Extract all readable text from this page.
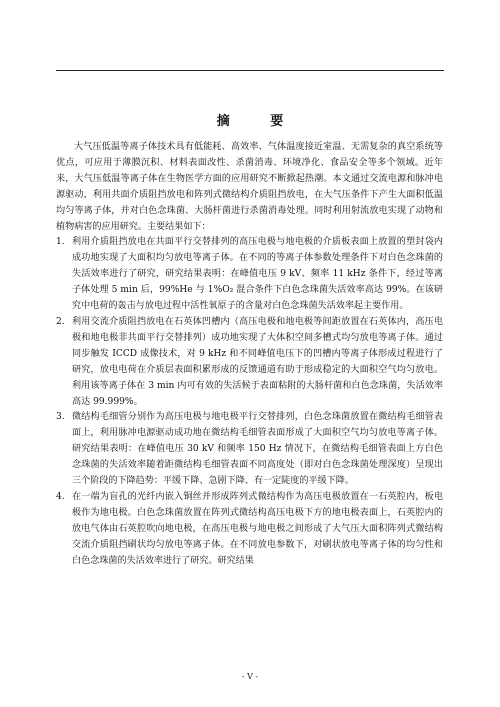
摘 要

大气压低温等离子体技术具有低能耗、高效率、气体温度接近室温、无需复杂的真空系统等优点，可应用于薄膜沉积、材料表面改性、杀菌消毒、环境净化、食品安全等多个领域。近年来，大气压低温等离子体在生物医学方面的应用研究不断掀起热潮。本文通过交流电源和脉冲电源驱动，利用共面介质阻挡放电和阵列式微结构介质阻挡放电，在大气压条件下产生大面积低温均匀等离子体，并对白色念珠菌、大肠杆菌进行杀菌消毒处理。同时利用射流放电实现了动物和植物病害的应用研究。主要结果如下：

1. 利用介质阻挡放电在共面平行交替排列的高压电极与地电极的介质板表面上放置的塑封袋内成功地实现了大面积均匀放电等离子体。在不同的等离子体参数处理条件下对白色念珠菌的失活效率进行了研究，研究结果表明：在峰值电压 9 kV、频率 11 kHz 条件下，经过等离子体处理 5 min 后，99%He 与 1%O₂ 混合条件下白色念珠菌失活效率高达 99%。在该研究中电荷的轰击与放电过程中活性氧原子的含量对白色念珠菌失活效率起主要作用。
2. 利用交流介质阻挡放电在石英体凹槽内（高压电极和地电极等间距放置在石英体内，高压电极和地电极非共面平行交替排列）成功地实现了大体积空间多槽式均匀放电等离子体。通过同步触发 ICCD 成像技术，对 9 kHz 和不同峰值电压下的凹槽内等离子体形成过程进行了研究，放电电荷在介质层表面积累形成的反馈通道有助于形成稳定的大面积空气均匀放电。利用该等离子体在 3 min 内可有效的失活候于表面粘附的大肠杆菌和白色念珠菌，失活效率高达 99.999%。
3. 微结构毛细管分别作为高压电极与地电极平行交替排列，白色念珠菌放置在微结构毛细管表面上，利用脉冲电源驱动成功地在微结构毛细管表面形成了大面积空气均匀放电等离子体。研究结果表明：在峰值电压 30 kV 和频率 150 Hz 情况下，在微结构毛细管表面上方白色念珠菌的失活效率随着距微结构毛细管表面不同高度处（即对白色念珠菌处理深度）呈现出三个阶段的下降趋势：平缓下降、急剧下降、有一定陡度的平缓下降。
4. 在一端为盲孔的光纤内嵌入铜丝并形成阵列式微结构作为高压电极放置在一石英腔内，板电极作为地电极。白色念珠菌放置在阵列式微结构高压电极下方的地电极表面上，石英腔内的放电气体由石英腔吹向地电极，在高压电极与地电极之间形成了大气压大面积阵列式微结构交流介质阻挡刷状均匀放电等离子体。在不同放电参数下，对刷状放电等离子体的均匀性和白色念珠菌的失活效率进行了研究。研究结果
- V -
